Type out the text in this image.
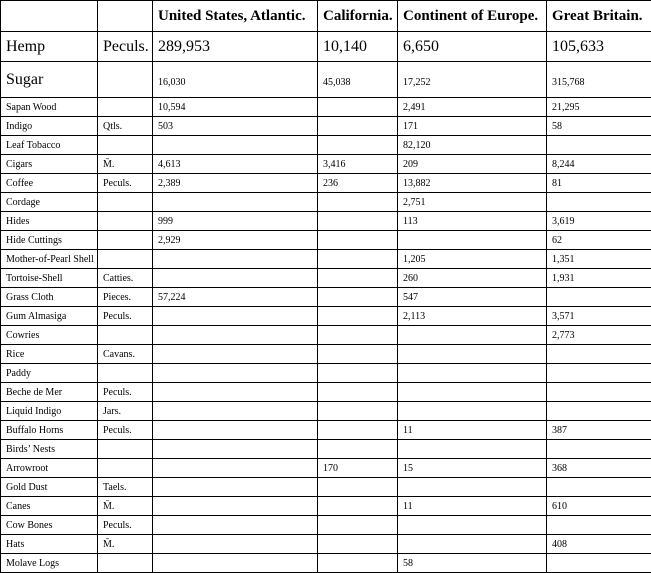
		United States, Atlantic.	California.	Continent of Europe.	Great Britain.
Hemp	Peculs.	289,953	10,140	6,650	105,633
Sugar		16,030	45,038	17,252	315,768
Sapan Wood		10,594		2,491	21,295
Indigo	Qtls.	503		171	58
Leaf Tobacco				82,120	
Cigars	M̄.	4,613	3,416	209	8,244
Coffee	Peculs.	2,389	236	13,882	81
Cordage				2,751	
Hides		999		113	3,619
Hide Cuttings		2,929			62
Mother-of-Pearl Shell				1,205	1,351
Tortoise-Shell	Catties.			260	1,931
Grass Cloth	Pieces.	57,224		547	
Gum Almasiga	Peculs.			2,113	3,571
Cowries					2,773
Rice	Cavans.				
Paddy					
Beche de Mer	Peculs.				
Liquid Indigo	Jars.				
Buffalo Horns	Peculs.			11	387
Birds’ Nests					
Arrowroot			170	15	368
Gold Dust	Taels.				
Canes	M̄.			11	610
Cow Bones	Peculs.				
Hats	M̄.				408
Molave Logs				58	
